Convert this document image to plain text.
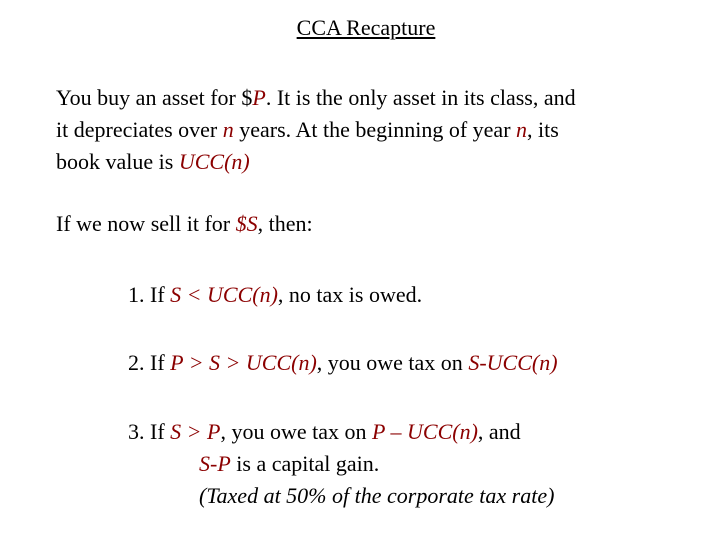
CCA Recapture
You buy an asset for $P. It is the only asset in its class, and
it depreciates over n years. At the beginning of year n, its
book value is UCC(n)
If we now sell it for $S, then:
1. If S < UCC(n), no tax is owed.
2. If P > S > UCC(n), you owe tax on S-UCC(n)
3. If S > P, you owe tax on P – UCC(n), and
S-P is a capital gain.
(Taxed at 50% of the corporate tax rate)
